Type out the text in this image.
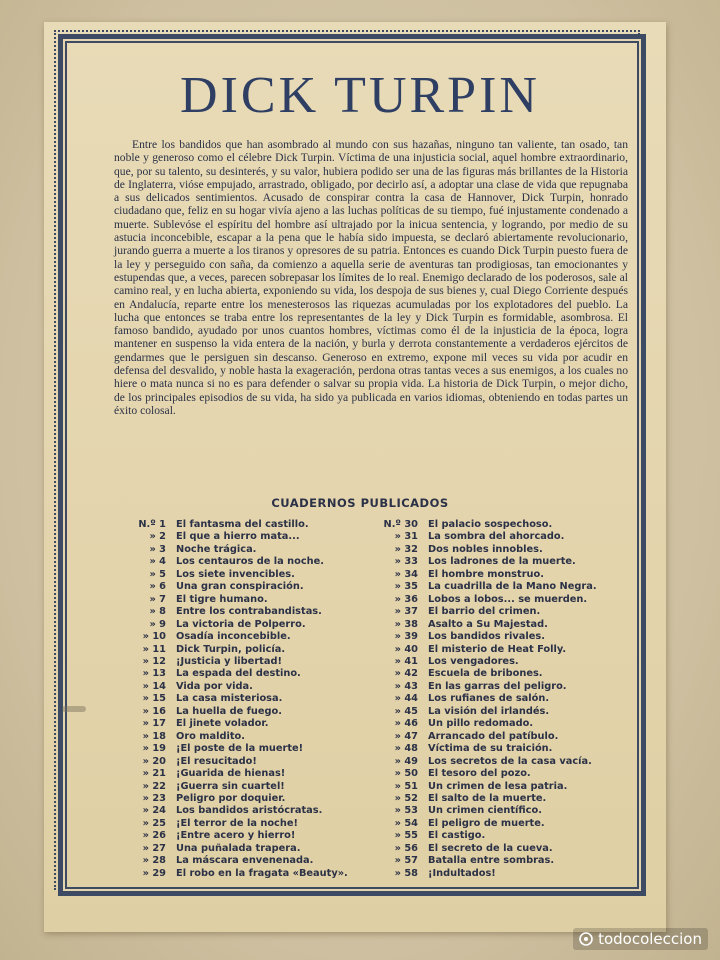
DICK TURPIN

Entre los bandidos que han asombrado al mundo con sus hazañas, ninguno tan valiente, tan osado, tan noble y generoso como el célebre Dick Turpin. Víctima de una injusticia social, aquel hombre extraordinario, que, por su talento, su desinterés, y su valor, hubiera podido ser una de las figuras más brillantes de la Historia de Inglaterra, vióse empujado, arrastrado, obligado, por decirlo así, a adoptar una clase de vida que repugnaba a sus delicados sentimientos. Acusado de conspirar contra la casa de Hannover, Dick Turpin, honrado ciudadano que, feliz en su hogar vivía ajeno a las luchas políticas de su tiempo, fué injustamente condenado a muerte. Sublevóse el espíritu del hombre así ultrajado por la inicua sentencia, y logrando, por medio de su astucia inconcebible, escapar a la pena que le había sido impuesta, se declaró abiertamente revolucionario, jurando guerra a muerte a los tiranos y opresores de su patria. Entonces es cuando Dick Turpin puesto fuera de la ley y perseguido con saña, da comienzo a aquella serie de aventuras tan prodigiosas, tan emocionantes y estupendas que, a veces, parecen sobrepasar los límites de lo real. Enemigo declarado de los poderosos, sale al camino real, y en lucha abierta, exponiendo su vida, los despoja de sus bienes y, cual Diego Corriente después en Andalucía, reparte entre los menesterosos las riquezas acumuladas por los explotadores del pueblo. La lucha que entonces se traba entre los representantes de la ley y Dick Turpin es formidable, asombrosa. El famoso bandido, ayudado por unos cuantos hombres, víctimas como él de la injusticia de la época, logra mantener en suspenso la vida entera de la nación, y burla y derrota constantemente a verdaderos ejércitos de gendarmes que le persiguen sin descanso. Generoso en extremo, expone mil veces su vida por acudir en defensa del desvalido, y noble hasta la exageración, perdona otras tantas veces a sus enemigos, a los cuales no hiere o mata nunca si no es para defender o salvar su propia vida. La historia de Dick Turpin, o mejor dicho, de los principales episodios de su vida, ha sido ya publicada en varios idiomas, obteniendo en todas partes un éxito colosal.

CUADERNOS PUBLICADOS
N.º 1	El fantasma del castillo.
» 2	El que a hierro mata...
» 3	Noche trágica.
» 4	Los centauros de la noche.
» 5	Los siete invencibles.
» 6	Una gran conspiración.
» 7	El tigre humano.
» 8	Entre los contrabandistas.
» 9	La victoria de Polperro.
» 10	Osadía inconcebible.
» 11	Dick Turpin, policía.
» 12	¡Justicia y libertad!
» 13	La espada del destino.
» 14	Vida por vida.
» 15	La casa misteriosa.
» 16	La huella de fuego.
» 17	El jinete volador.
» 18	Oro maldito.
» 19	¡El poste de la muerte!
» 20	¡El resucitado!
» 21	¡Guarida de hienas!
» 22	¡Guerra sin cuartel!
» 23	Peligro por doquier.
» 24	Los bandidos aristócratas.
» 25	¡El terror de la noche!
» 26	¡Entre acero y hierro!
» 27	Una puñalada trapera.
» 28	La máscara envenenada.
» 29	El robo en la fragata «Beauty».
N.º 30	El palacio sospechoso.
» 31	La sombra del ahorcado.
» 32	Dos nobles innobles.
» 33	Los ladrones de la muerte.
» 34	El hombre monstruo.
» 35	La cuadrilla de la Mano Negra.
» 36	Lobos a lobos... se muerden.
» 37	El barrio del crimen.
» 38	Asalto a Su Majestad.
» 39	Los bandidos rivales.
» 40	El misterio de Heat Folly.
» 41	Los vengadores.
» 42	Escuela de bribones.
» 43	En las garras del peligro.
» 44	Los rufianes de salón.
» 45	La visión del irlandés.
» 46	Un pillo redomado.
» 47	Arrancado del patíbulo.
» 48	Víctima de su traición.
» 49	Los secretos de la casa vacía.
» 50	El tesoro del pozo.
» 51	Un crimen de lesa patria.
» 52	El salto de la muerte.
» 53	Un crimen científico.
» 54	El peligro de muerte.
» 55	El castigo.
» 56	El secreto de la cueva.
» 57	Batalla entre sombras.
» 58	¡Indultados!
todocoleccion
